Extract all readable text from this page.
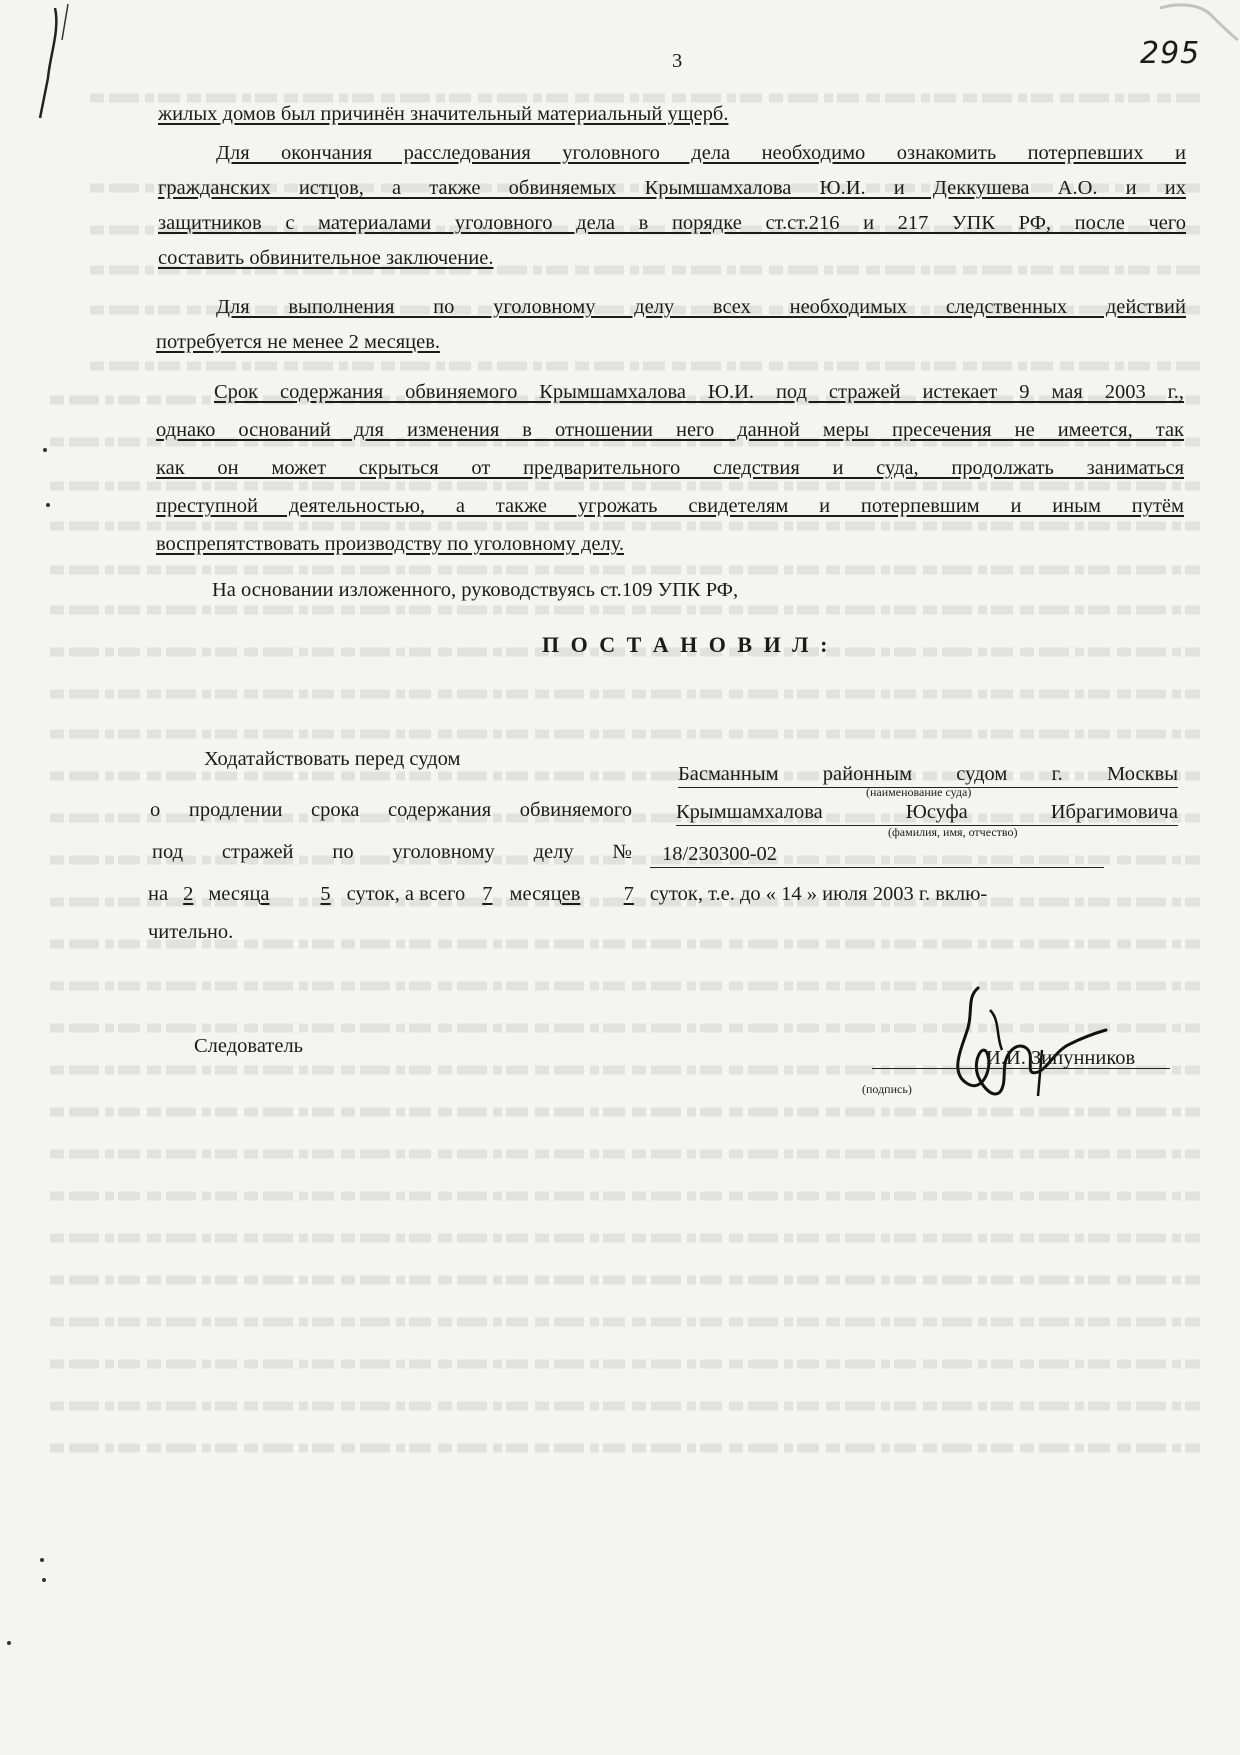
3	295
жилых домов был причинён значительный материальный ущерб.
Для окончания расследования уголовного дела необходимо ознакомить потерпевших и
гражданских истцов, а также обвиняемых Крымшамхалова Ю.И. и Деккушева А.О. и их
защитников с материалами уголовного дела в порядке ст.ст.216 и 217 УПК РФ, после чего
составить обвинительное заключение.
Для выполнения по уголовному делу всех необходимых следственных действий
потребуется не менее 2 месяцев.
Срок содержания обвиняемого Крымшамхалова Ю.И. под стражей истекает 9 мая 2003 г.,
однако оснований для изменения в отношении него данной меры пресечения не имеется, так
как он может скрыться от предварительного следствия и суда, продолжать заниматься
преступной деятельностью, а также угрожать свидетелям и потерпевшим и иным путём
воспрепятствовать производству по уголовному делу.
На основании изложенного, руководствуясь ст.109 УПК РФ,
П О С Т А Н О В И Л :
Ходатайствовать перед судом
Басманным районным судом г. Москвы
(наименование суда)
о продлении срока содержания обвиняемого Крымшамхалова Юсуфа Ибрагимовича
(фамилия, имя, отчество)
под стражей по уголовному делу №	18/230300-02
на 2 месяца 5 суток, а всего 7 месяцев 7 суток, т.е. до « 14 » июля 2003 г. вклю-
чительно.
Следователь
(подпись)
И.И. Зипунников
